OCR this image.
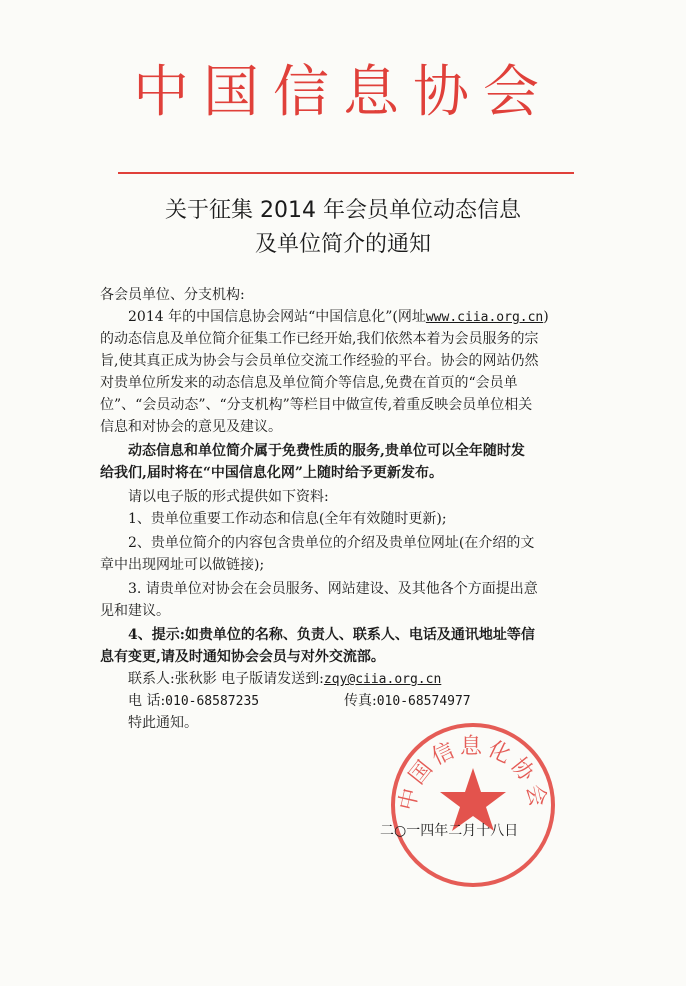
中国信息协会
关于征集 2014 年会员单位动态信息
及单位简介的通知
各会员单位、分支机构:
2014 年的中国信息协会网站“中国信息化”(网址www.ciia.org.cn)
的动态信息及单位简介征集工作已经开始,我们依然本着为会员服务的宗
旨,使其真正成为协会与会员单位交流工作经验的平台。协会的网站仍然
对贵单位所发来的动态信息及单位简介等信息,免费在首页的“会员单
位”、“会员动态”、“分支机构”等栏目中做宣传,着重反映会员单位相关
信息和对协会的意见及建议。
动态信息和单位简介属于免费性质的服务,贵单位可以全年随时发
给我们,届时将在“中国信息化网”上随时给予更新发布。
请以电子版的形式提供如下资料:
1、贵单位重要工作动态和信息(全年有效随时更新);
2、贵单位简介的内容包含贵单位的介绍及贵单位网址(在介绍的文
章中出现网址可以做链接);
3. 请贵单位对协会在会员服务、网站建设、及其他各个方面提出意
见和建议。
4、提示:如贵单位的名称、负责人、联系人、电话及通讯地址等信
息有变更,请及时通知协会会员与对外交流部。
联系人:张秋影 电子版请发送到:zqy@ciia.org.cn
电 话:010-68587235	传真:010-68574977
特此通知。
中国信息化协会
二○一四年二月十八日
